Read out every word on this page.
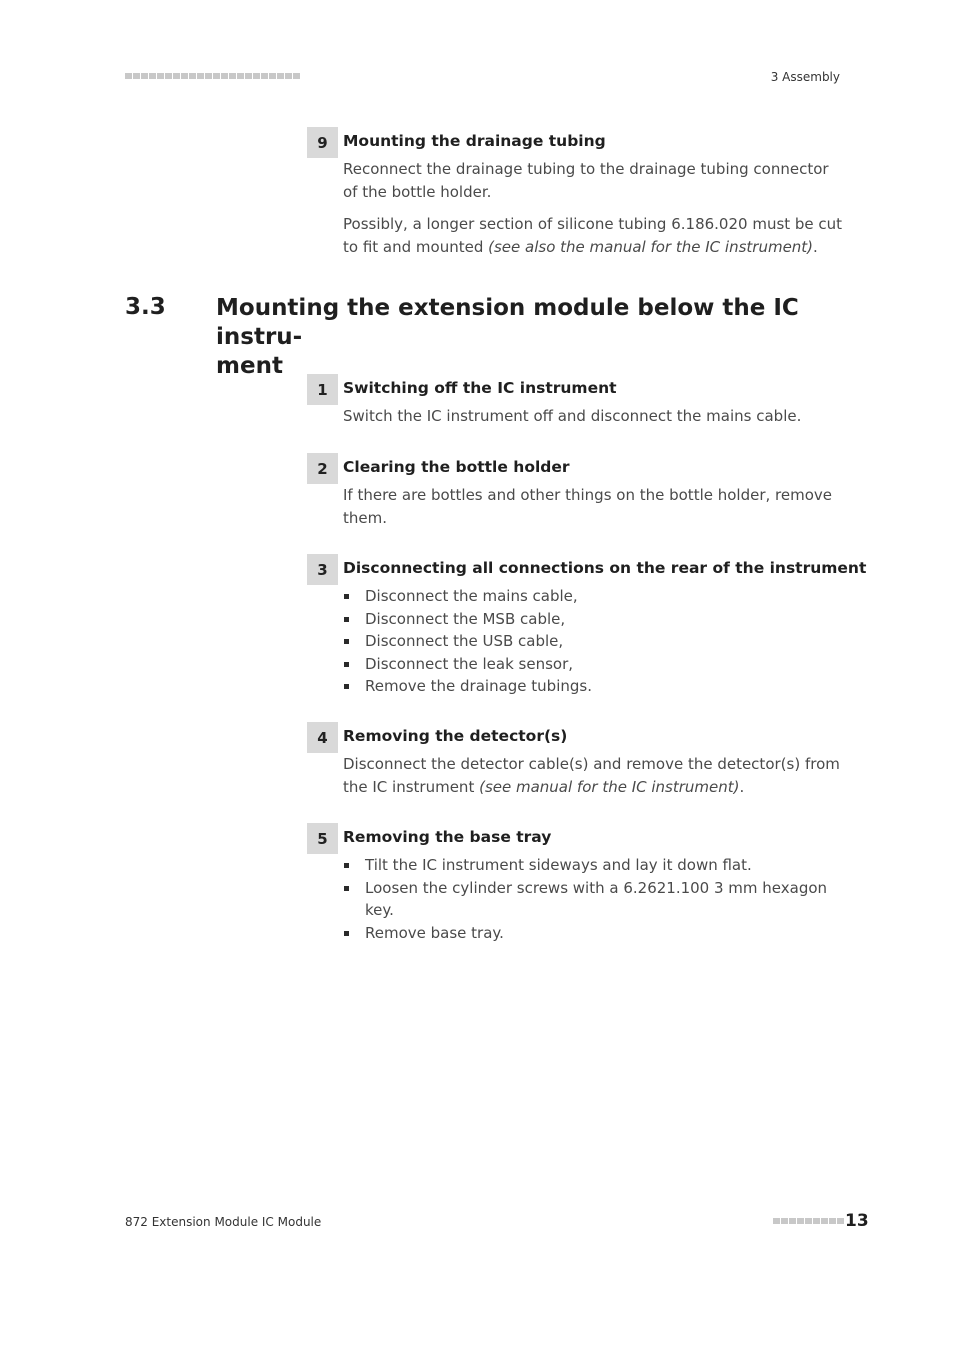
3 Assembly
9 Mounting the drainage tubing

Reconnect the drainage tubing to the drainage tubing connector of the bottle holder.

Possibly, a longer section of silicone tubing 6.186.020 must be cut to fit and mounted (see also the manual for the IC instrument).

3.3 Mounting the extension module below the IC instru-
ment
1 Switching off the IC instrument

Switch the IC instrument off and disconnect the mains cable.

2 Clearing the bottle holder

If there are bottles and other things on the bottle holder, remove them.

3 Disconnecting all connections on the rear of the instrument
Disconnect the mains cable,
Disconnect the MSB cable,
Disconnect the USB cable,
Disconnect the leak sensor,
Remove the drainage tubings.
4 Removing the detector(s)

Disconnect the detector cable(s) and remove the detector(s) from the IC instrument (see manual for the IC instrument).

5 Removing the base tray
Tilt the IC instrument sideways and lay it down flat.
Loosen the cylinder screws with a 6.2621.100 3 mm hexagon key.
Remove base tray.
872 Extension Module IC Module	13
